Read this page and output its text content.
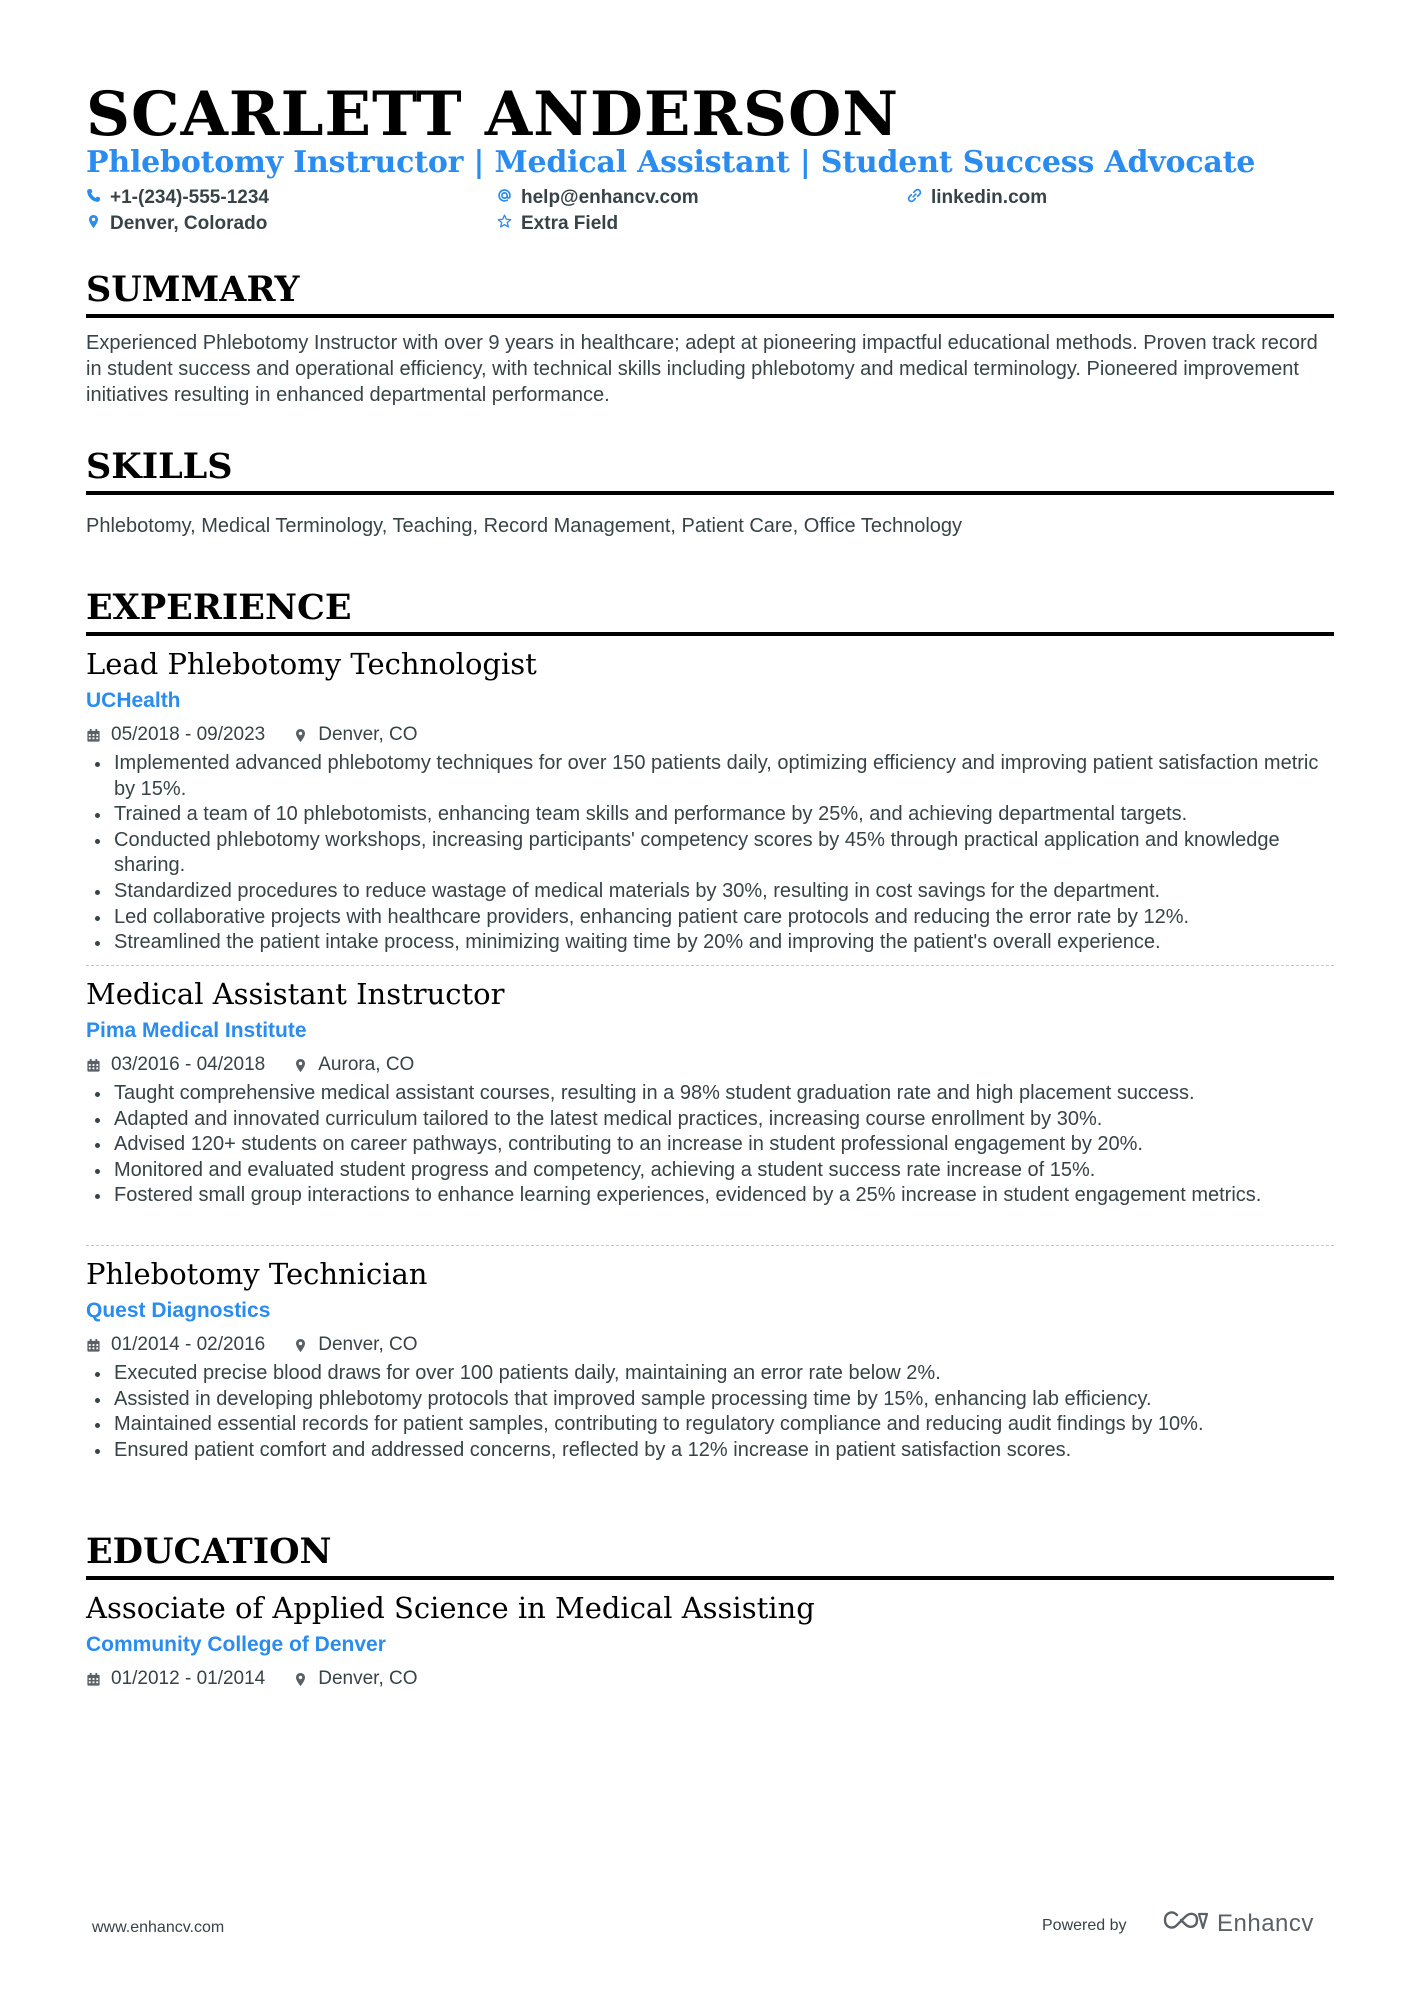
SCARLETT ANDERSON
Phlebotomy Instructor | Medical Assistant | Student Success Advocate
+1-(234)-555-1234	help@enhancv.com	linkedin.com
Denver, Colorado	Extra Field
SUMMARY
Experienced Phlebotomy Instructor with over 9 years in healthcare; adept at pioneering impactful educational methods. Proven track record in student success and operational efficiency, with technical skills including phlebotomy and medical terminology. Pioneered improvement initiatives resulting in enhanced departmental performance.
SKILLS
Phlebotomy, Medical Terminology, Teaching, Record Management, Patient Care, Office Technology
EXPERIENCE
Lead Phlebotomy Technologist
UCHealth
05/2018 - 09/2023	Denver, CO
Implemented advanced phlebotomy techniques for over 150 patients daily, optimizing efficiency and improving patient satisfaction metric by 15%.
Trained a team of 10 phlebotomists, enhancing team skills and performance by 25%, and achieving departmental targets.
Conducted phlebotomy workshops, increasing participants' competency scores by 45% through practical application and knowledge sharing.
Standardized procedures to reduce wastage of medical materials by 30%, resulting in cost savings for the department.
Led collaborative projects with healthcare providers, enhancing patient care protocols and reducing the error rate by 12%.
Streamlined the patient intake process, minimizing waiting time by 20% and improving the patient's overall experience.
Medical Assistant Instructor
Pima Medical Institute
03/2016 - 04/2018	Aurora, CO
Taught comprehensive medical assistant courses, resulting in a 98% student graduation rate and high placement success.
Adapted and innovated curriculum tailored to the latest medical practices, increasing course enrollment by 30%.
Advised 120+ students on career pathways, contributing to an increase in student professional engagement by 20%.
Monitored and evaluated student progress and competency, achieving a student success rate increase of 15%.
Fostered small group interactions to enhance learning experiences, evidenced by a 25% increase in student engagement metrics.
Phlebotomy Technician
Quest Diagnostics
01/2014 - 02/2016	Denver, CO
Executed precise blood draws for over 100 patients daily, maintaining an error rate below 2%.
Assisted in developing phlebotomy protocols that improved sample processing time by 15%, enhancing lab efficiency.
Maintained essential records for patient samples, contributing to regulatory compliance and reducing audit findings by 10%.
Ensured patient comfort and addressed concerns, reflected by a 12% increase in patient satisfaction scores.
EDUCATION
Associate of Applied Science in Medical Assisting
Community College of Denver
01/2012 - 01/2014	Denver, CO
www.enhancv.com	Powered by	Enhancv
